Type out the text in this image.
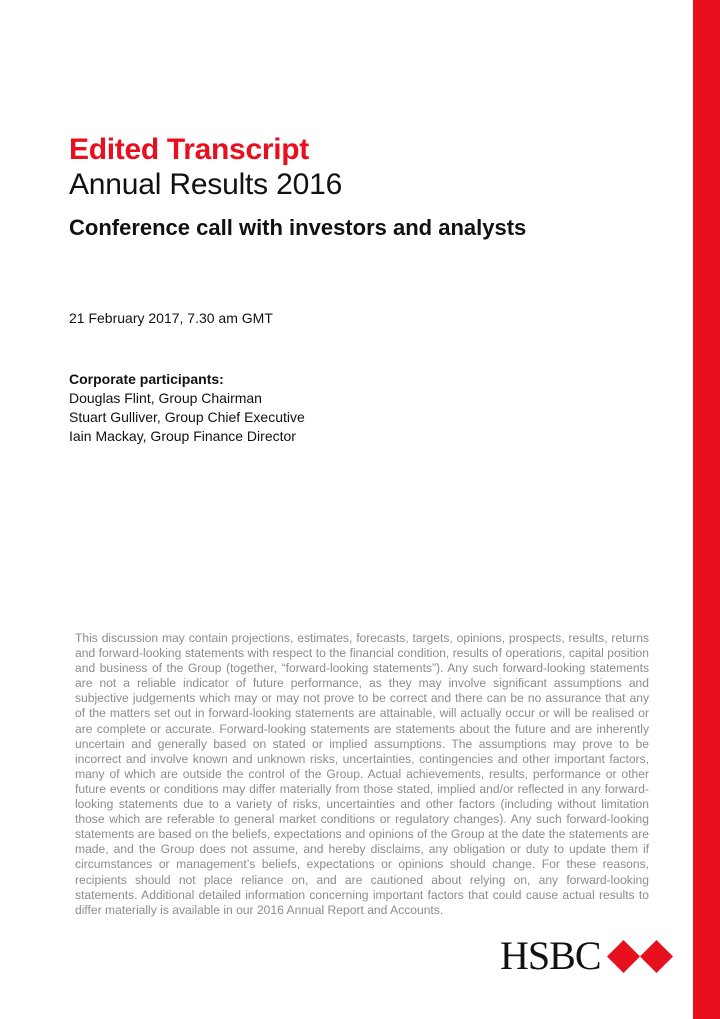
Edited Transcript
Annual Results 2016
Conference call with investors and analysts
21 February 2017, 7.30 am GMT
Corporate participants:
Douglas Flint, Group Chairman
Stuart Gulliver, Group Chief Executive
Iain Mackay, Group Finance Director

This discussion may contain projections, estimates, forecasts, targets, opinions, prospects, results, returns and forward-looking statements with respect to the financial condition, results of operations, capital position and business of the Group (together, “forward-looking statements”). Any such forward-looking statements are not a reliable indicator of future performance, as they may involve significant assumptions and subjective judgements which may or may not prove to be correct and there can be no assurance that any of the matters set out in forward-looking statements are attainable, will actually occur or will be realised or are complete or accurate. Forward-looking statements are statements about the future and are inherently uncertain and generally based on stated or implied assumptions. The assumptions may prove to be incorrect and involve known and unknown risks, uncertainties, contingencies and other important factors, many of which are outside the control of the Group. Actual achievements, results, performance or other future events or conditions may differ materially from those stated, implied and/or reflected in any forward-looking statements due to a variety of risks, uncertainties and other factors (including without limitation those which are referable to general market conditions or regulatory changes). Any such forward-looking statements are based on the beliefs, expectations and opinions of the Group at the date the statements are made, and the Group does not assume, and hereby disclaims, any obligation or duty to update them if circumstances or management’s beliefs, expectations or opinions should change. For these reasons, recipients should not place reliance on, and are cautioned about relying on, any forward-looking statements. Additional detailed information concerning important factors that could cause actual results to differ materially is available in our 2016 Annual Report and Accounts.

HSBC
